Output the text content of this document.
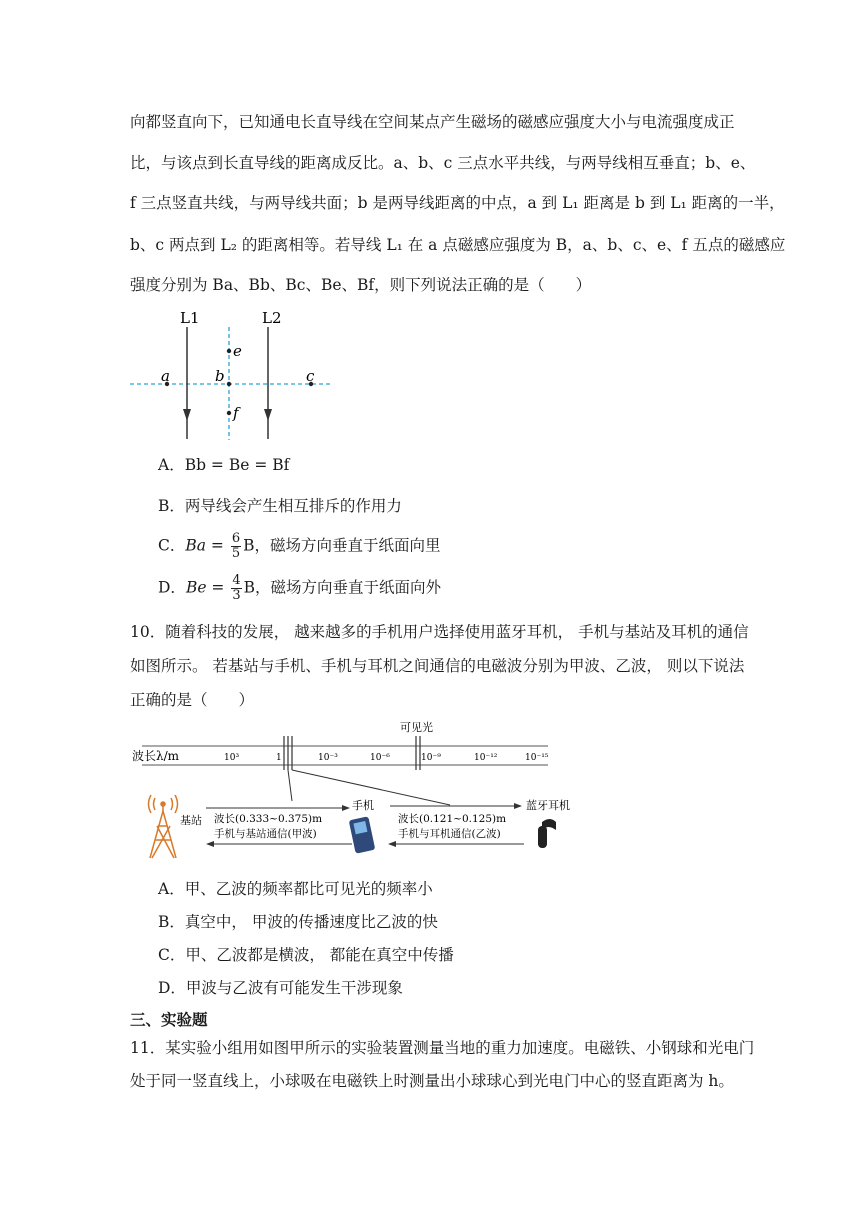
向都竖直向下，已知通电长直导线在空间某点产生磁场的磁感应强度大小与电流强度成正
比，与该点到长直导线的距离成反比。a、b、c 三点水平共线，与两导线相互垂直；b、e、
f 三点竖直共线，与两导线共面；b 是两导线距离的中点，a 到 L₁ 距离是 b 到 L₁ 距离的一半，
b、c 两点到 L₂ 的距离相等。若导线 L₁ 在 a 点磁感应强度为 B，a、b、c、e、f 五点的磁感应
强度分别为 Ba、Bb、Bc、Be、Bf，则下列说法正确的是（　　）
L1	L2
a	b	c
e
f
A．Bb = Be = Bf
B．两导线会产生相互排斥的作用力
C．$Ba = \frac{6}{5}$ B，磁场方向垂直于纸面向里
D．$Be = \frac{4}{3}$ B，磁场方向垂直于纸面向外
10．随着科技的发展， 越来越多的手机用户选择使用蓝牙耳机， 手机与基站及耳机的通信
如图所示。 若基站与手机、手机与耳机之间通信的电磁波分别为甲波、乙波， 则以下说法
正确的是（　　）
可见光
波长λ/m	10³	1	10⁻³	10⁻⁶	10⁻⁹	10⁻¹²	10⁻¹⁵
基站 波长(0.333~0.375)m
手机与基站通信(甲波)
手机
波长(0.121~0.125)m
手机与耳机通信(乙波)
蓝牙耳机
A．甲、乙波的频率都比可见光的频率小
B．真空中， 甲波的传播速度比乙波的快
C．甲、乙波都是横波， 都能在真空中传播
D．甲波与乙波有可能发生干涉现象
三、实验题
11．某实验小组用如图甲所示的实验装置测量当地的重力加速度。电磁铁、小钢球和光电门
处于同一竖直线上，小球吸在电磁铁上时测量出小球球心到光电门中心的竖直距离为 h。
